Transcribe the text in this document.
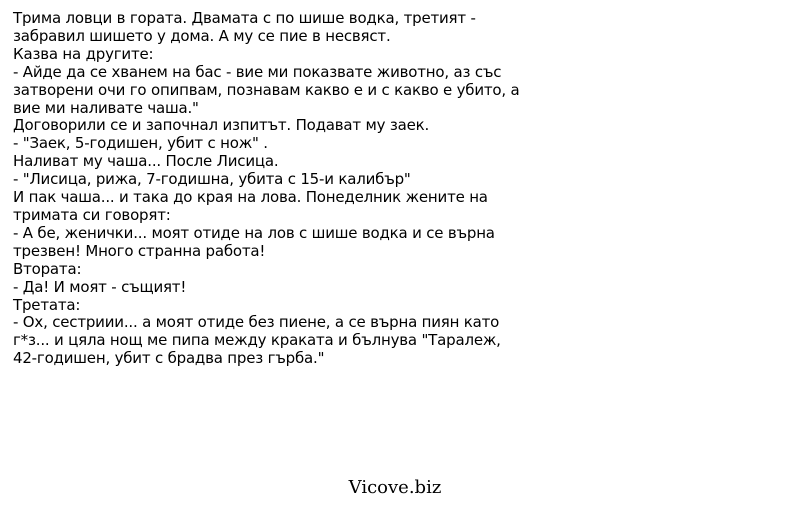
Трима ловци в гората. Двамата с по шише водка, третият -
забравил шишето у дома. А му се пие в несвяст.
Казва на другите:
- Айде да се хванем на бас - вие ми показвате животно, аз със
затворени очи го опипвам, познавам какво е и с какво е убито, а
вие ми наливате чаша."
Договорили се и започнал изпитът. Подават му заек.
- "Заек, 5-годишен, убит с нож" .
Наливат му чаша... После Лисица.
- "Лисица, рижа, 7-годишна, убита с 15-и калибър"
И пак чаша... и така до края на лова. Понеделник жените на
тримата си говорят:
- А бе, женички... моят отиде на лов с шише водка и се върна
трезвен! Много странна работа!
Втората:
- Да! И моят - същият!
Третата:
- Ох, сестриии... а моят отиде без пиене, а се върна пиян като
г*з... и цяла нощ ме пипа между краката и бълнува "Таралеж,
42-годишен, убит с брадва през гърба."
Vicove.biz
